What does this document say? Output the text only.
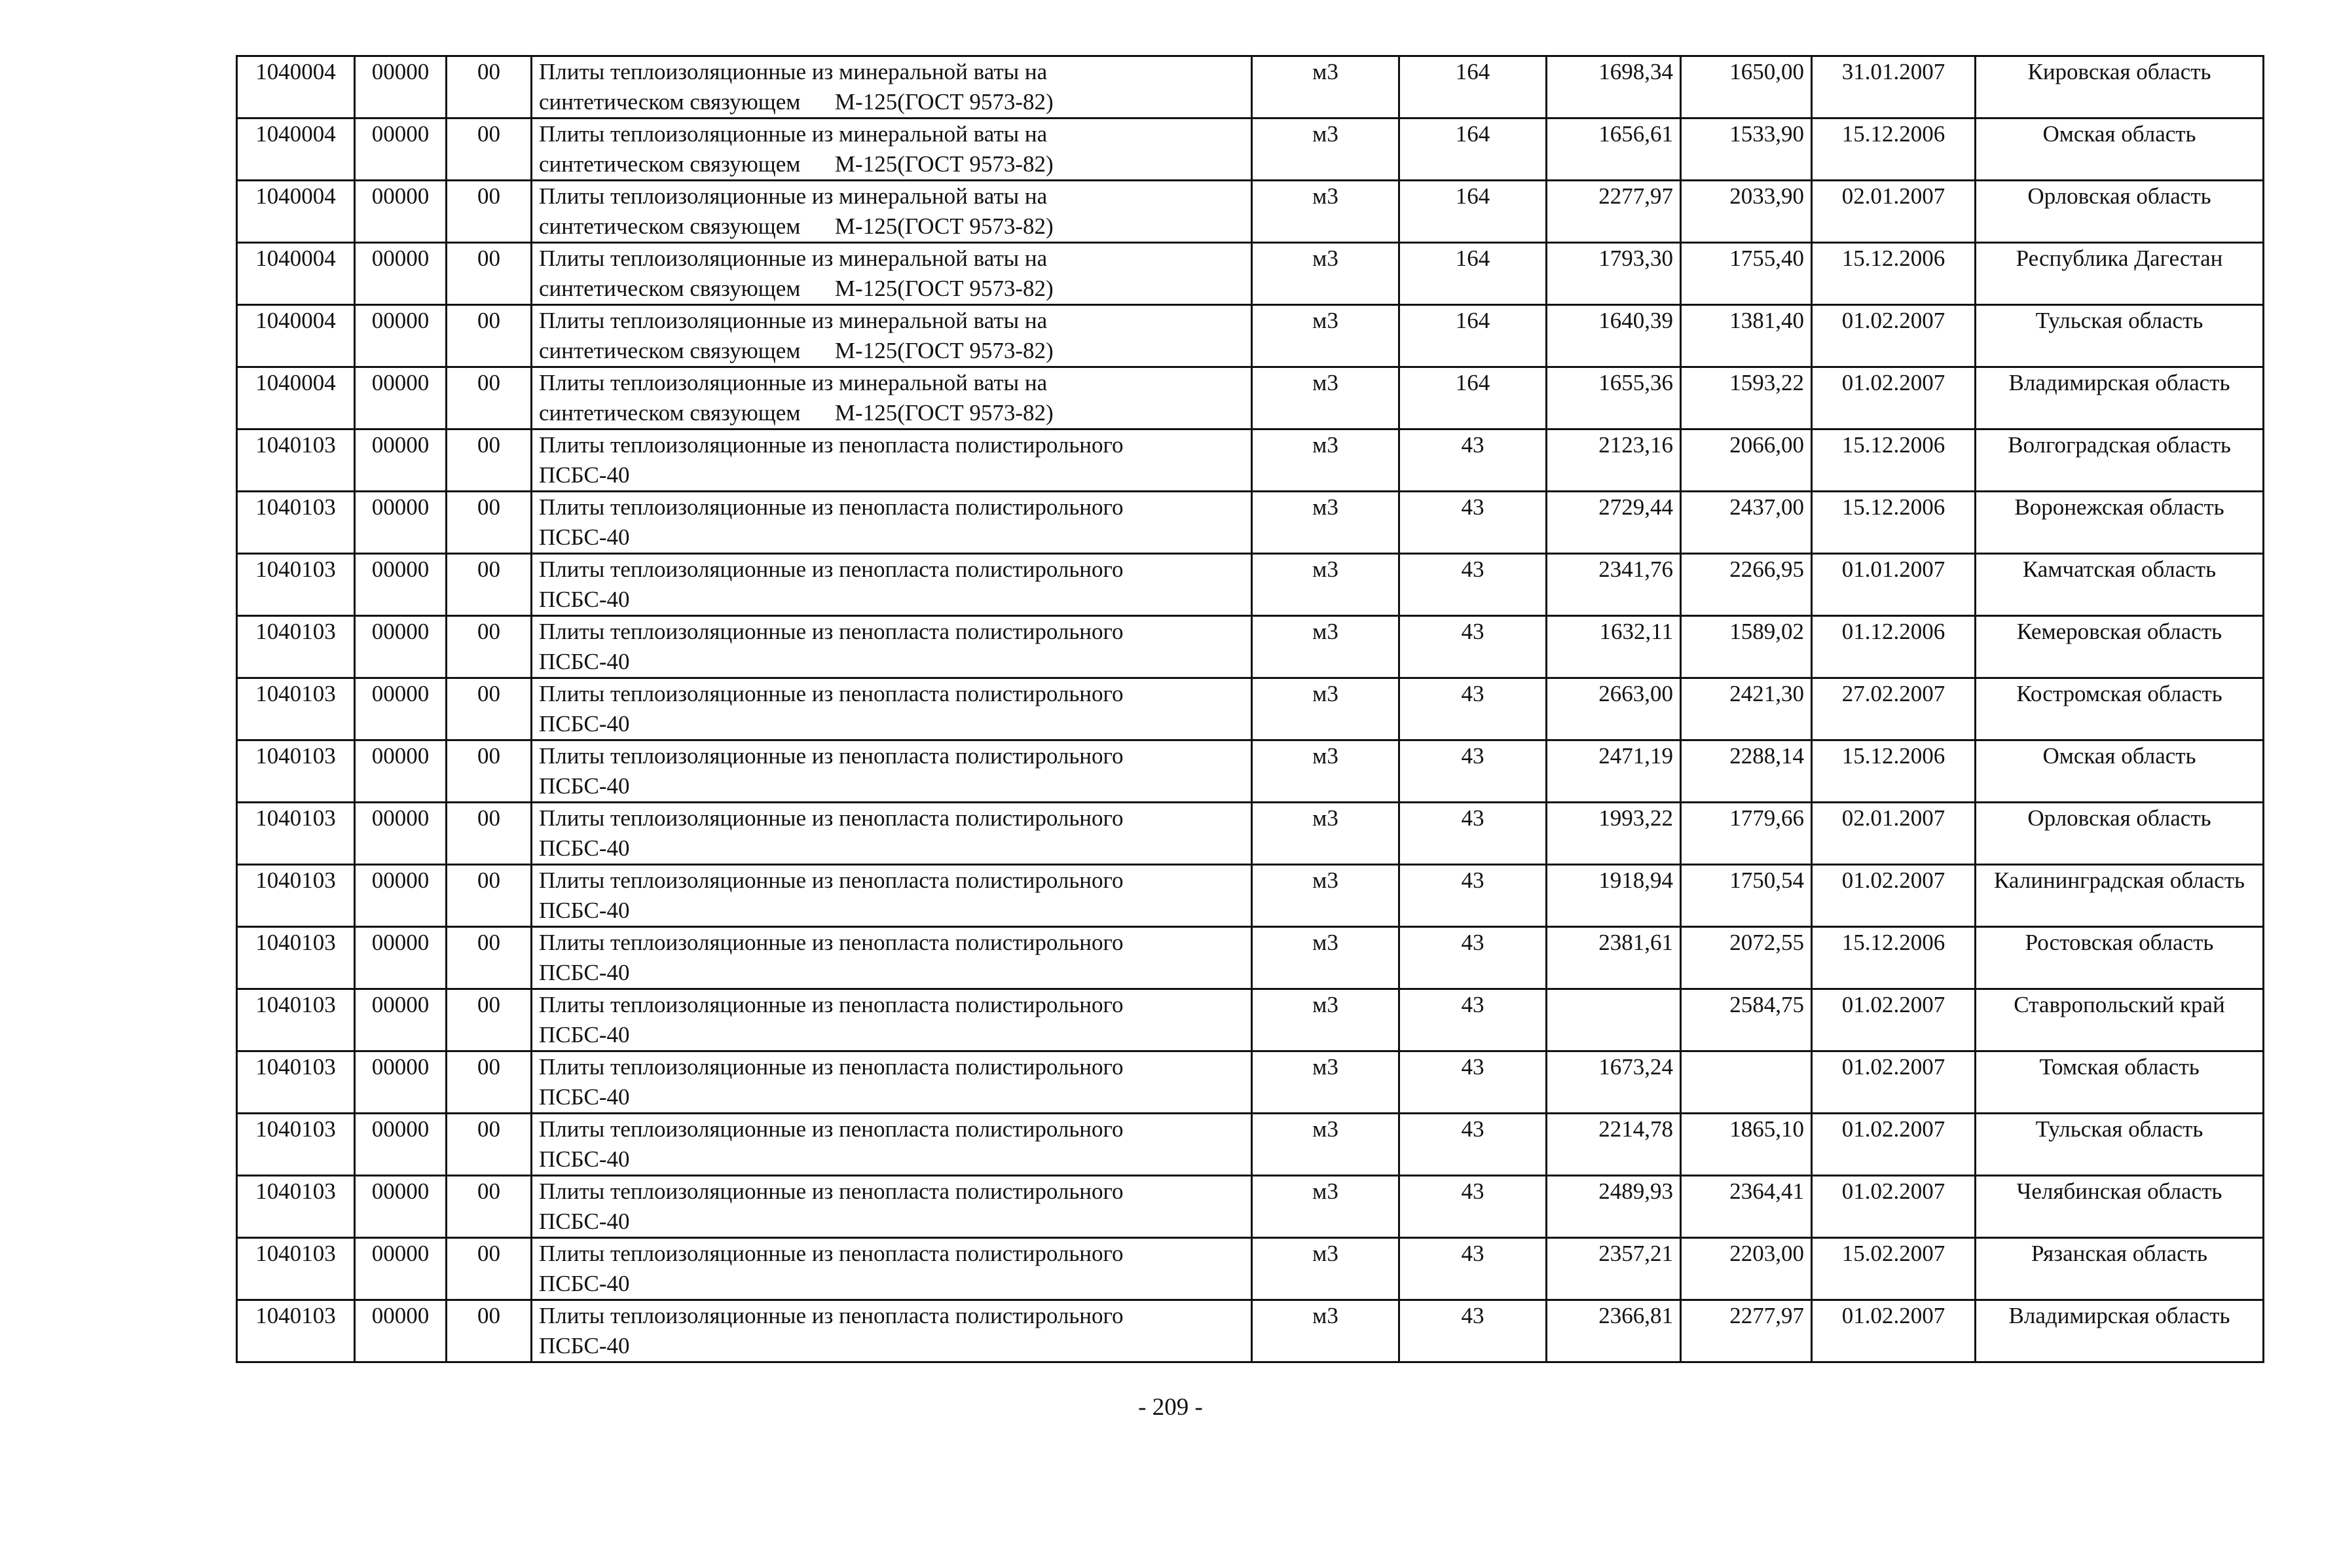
1040004	00000	00	Плиты теплоизоляционные из минеральной ваты на
синтетическом связующем      М-125(ГОСТ 9573-82)	м3	164	1698,34	1650,00	31.01.2007	Кировская область
1040004	00000	00	Плиты теплоизоляционные из минеральной ваты на
синтетическом связующем      М-125(ГОСТ 9573-82)	м3	164	1656,61	1533,90	15.12.2006	Омская область
1040004	00000	00	Плиты теплоизоляционные из минеральной ваты на
синтетическом связующем      М-125(ГОСТ 9573-82)	м3	164	2277,97	2033,90	02.01.2007	Орловская область
1040004	00000	00	Плиты теплоизоляционные из минеральной ваты на
синтетическом связующем      М-125(ГОСТ 9573-82)	м3	164	1793,30	1755,40	15.12.2006	Республика Дагестан
1040004	00000	00	Плиты теплоизоляционные из минеральной ваты на
синтетическом связующем      М-125(ГОСТ 9573-82)	м3	164	1640,39	1381,40	01.02.2007	Тульская область
1040004	00000	00	Плиты теплоизоляционные из минеральной ваты на
синтетическом связующем      М-125(ГОСТ 9573-82)	м3	164	1655,36	1593,22	01.02.2007	Владимирская область
1040103	00000	00	Плиты теплоизоляционные из пенопласта полистирольного
ПСБС-40	м3	43	2123,16	2066,00	15.12.2006	Волгоградская область
1040103	00000	00	Плиты теплоизоляционные из пенопласта полистирольного
ПСБС-40	м3	43	2729,44	2437,00	15.12.2006	Воронежская область
1040103	00000	00	Плиты теплоизоляционные из пенопласта полистирольного
ПСБС-40	м3	43	2341,76	2266,95	01.01.2007	Камчатская область
1040103	00000	00	Плиты теплоизоляционные из пенопласта полистирольного
ПСБС-40	м3	43	1632,11	1589,02	01.12.2006	Кемеровская область
1040103	00000	00	Плиты теплоизоляционные из пенопласта полистирольного
ПСБС-40	м3	43	2663,00	2421,30	27.02.2007	Костромская область
1040103	00000	00	Плиты теплоизоляционные из пенопласта полистирольного
ПСБС-40	м3	43	2471,19	2288,14	15.12.2006	Омская область
1040103	00000	00	Плиты теплоизоляционные из пенопласта полистирольного
ПСБС-40	м3	43	1993,22	1779,66	02.01.2007	Орловская область
1040103	00000	00	Плиты теплоизоляционные из пенопласта полистирольного
ПСБС-40	м3	43	1918,94	1750,54	01.02.2007	Калининградская область
1040103	00000	00	Плиты теплоизоляционные из пенопласта полистирольного
ПСБС-40	м3	43	2381,61	2072,55	15.12.2006	Ростовская область
1040103	00000	00	Плиты теплоизоляционные из пенопласта полистирольного
ПСБС-40	м3	43		2584,75	01.02.2007	Ставропольский край
1040103	00000	00	Плиты теплоизоляционные из пенопласта полистирольного
ПСБС-40	м3	43	1673,24		01.02.2007	Томская область
1040103	00000	00	Плиты теплоизоляционные из пенопласта полистирольного
ПСБС-40	м3	43	2214,78	1865,10	01.02.2007	Тульская область
1040103	00000	00	Плиты теплоизоляционные из пенопласта полистирольного
ПСБС-40	м3	43	2489,93	2364,41	01.02.2007	Челябинская область
1040103	00000	00	Плиты теплоизоляционные из пенопласта полистирольного
ПСБС-40	м3	43	2357,21	2203,00	15.02.2007	Рязанская область
1040103	00000	00	Плиты теплоизоляционные из пенопласта полистирольного
ПСБС-40	м3	43	2366,81	2277,97	01.02.2007	Владимирская область
- 209 -
